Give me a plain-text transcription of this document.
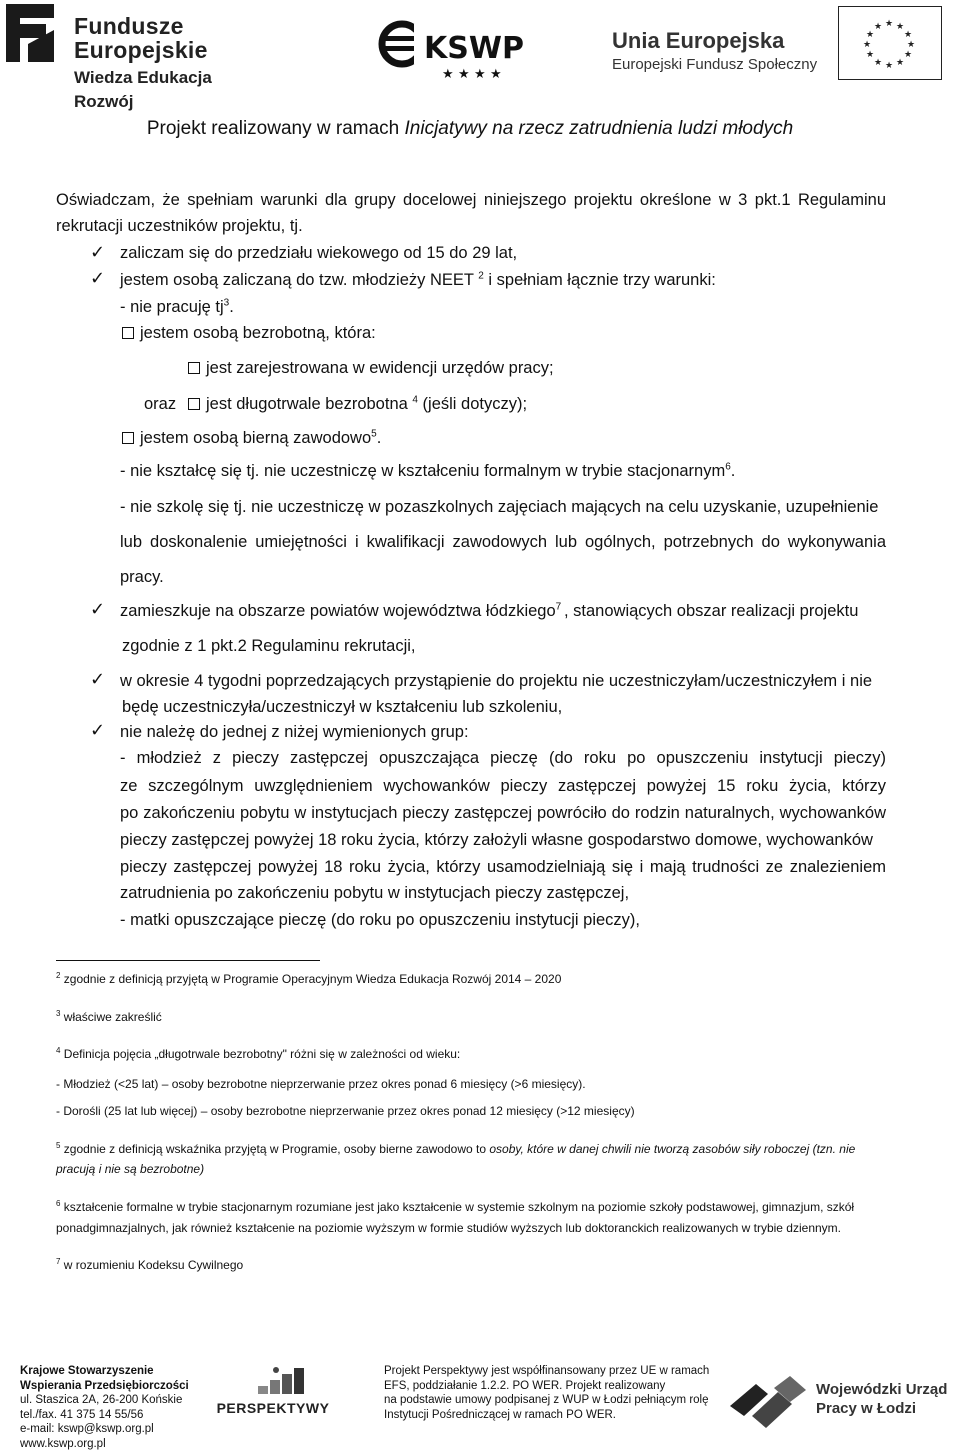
Fundusze
Europejskie
Wiedza Edukacja Rozwój
KSWP
★ ★ ★ ★
Unia Europejska
Europejski Fundusz Społeczny
★ ★
★
★
★
★
★
★
★
★
★
★
Projekt realizowany w ramach Inicjatywy na rzecz zatrudnienia ludzi młodych
Oświadczam, że spełniam warunki dla grupy docelowej niniejszego projektu określone w 3 pkt.1 Regulaminu
rekrutacji uczestników projektu, tj.
✓ zaliczam się do przedziału wiekowego od 15 do 29 lat,
✓ jestem osobą zaliczaną do tzw. młodzieży NEET $^2$ i spełniam łącznie trzy warunki:
- nie pracuję $tj^3$.
jestem osobą bezrobotną, która:
jest zarejestrowana w ewidencji urzędów pracy;
oraz	jest długotrwale bezrobotna $^4$ (jeśli dotyczy);
jestem osobą bierną zawodowo$^5$.
- nie kształcę się tj. nie uczestniczę w kształceniu formalnym w trybie stacjonarnym$^6$.
- nie szkolę się tj. nie uczestniczę w pozaszkolnych zajęciach mających na celu uzyskanie, uzupełnienie
lub doskonalenie umiejętności i kwalifikacji zawodowych lub ogólnych, potrzebnych do wykonywania
pracy.
✓ zamieszkuje na obszarze powiatów województwa łódzkiego$^7$ , stanowiących obszar realizacji projektu
zgodnie z 1 pkt.2 Regulaminu rekrutacji,
✓ w okresie 4 tygodni poprzedzających przystąpienie do projektu nie uczestniczyłam/uczestniczyłem i nie
będę uczestniczyła/uczestniczył w kształceniu lub szkoleniu,
✓ nie należę do jednej z niżej wymienionych grup:
- młodzież z pieczy zastępczej opuszczająca pieczę (do roku po opuszczeniu instytucji pieczy)
ze szczególnym uwzględnieniem wychowanków pieczy zastępczej powyżej 15 roku życia, którzy
po zakończeniu pobytu w instytucjach pieczy zastępczej powróciło do rodzin naturalnych, wychowanków
pieczy zastępczej powyżej 18 roku życia, którzy założyli własne gospodarstwo domowe, wychowanków
pieczy zastępczej powyżej 18 roku życia, którzy usamodzielniają się i mają trudności ze znalezieniem
zatrudnienia po zakończeniu pobytu w instytucjach pieczy zastępczej,
- matki opuszczające pieczę (do roku po opuszczeniu instytucji pieczy),
$^2$ zgodnie z definicją przyjętą w Programie Operacyjnym Wiedza Edukacja Rozwój 2014 – 2020
$^3$ właściwe zakreślić
$^4$ Definicja pojęcia „długotrwale bezrobotny" różni się w zależności od wieku:
- Młodzież (<25 lat) – osoby bezrobotne nieprzerwanie przez okres ponad 6 miesięcy (>6 miesięcy).
- Dorośli (25 lat lub więcej) – osoby bezrobotne nieprzerwanie przez okres ponad 12 miesięcy (>12 miesięcy)
$^5$ zgodnie z definicją wskaźnika przyjętą w Programie, osoby bierne zawodowo to osoby, które w danej chwili nie tworzą zasobów siły roboczej (tzn. nie
pracują i nie są bezrobotne)
$^6$ kształcenie formalne w trybie stacjonarnym rozumiane jest jako kształcenie w systemie szkolnym na poziomie szkoły podstawowej, gimnazjum, szkół
ponadgimnazjalnych, jak również kształcenie na poziomie wyższym w formie studiów wyższych lub doktoranckich realizowanych w trybie dziennym.
$^7$ w rozumieniu Kodeksu Cywilnego
Krajowe Stowarzyszenie
Wspierania Przedsiębiorczości
ul. Staszica 2A, 26-200 Końskie
tel./fax. 41 375 14 55/56
e-mail: kswp@kswp.org.pl
www.kswp.org.pl
PERSPEKTYWY
Projekt Perspektywy jest współfinansowany przez UE w ramach
EFS, poddziałanie 1.2.2. PO WER. Projekt realizowany
na podstawie umowy podpisanej z WUP w Łodzi pełniącym rolę
Instytucji Pośredniczącej w ramach PO WER.
Wojewódzki Urząd
Pracy w Łodzi
